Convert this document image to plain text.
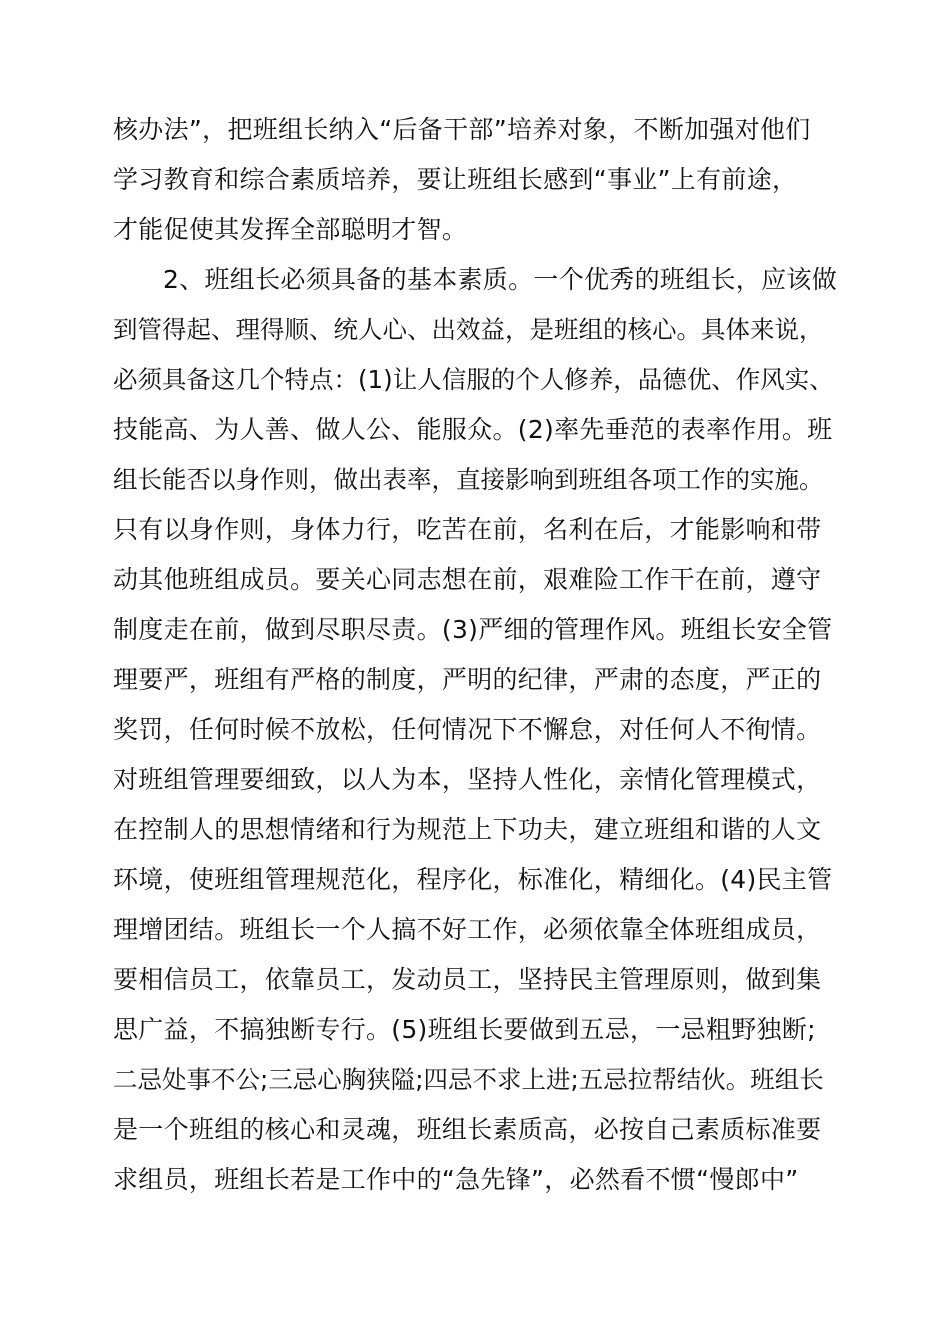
核办法”，把班组长纳入“后备干部”培养对象，不断加强对他们
学习教育和综合素质培养，要让班组长感到“事业”上有前途，
才能促使其发挥全部聪明才智。
2、班组长必须具备的基本素质。一个优秀的班组长，应该做
到管得起、理得顺、统人心、出效益，是班组的核心。具体来说，
必须具备这几个特点：(1)让人信服的个人修养，品德优、作风实、
技能高、为人善、做人公、能服众。(2)率先垂范的表率作用。班
组长能否以身作则，做出表率，直接影响到班组各项工作的实施。
只有以身作则，身体力行，吃苦在前，名利在后，才能影响和带
动其他班组成员。要关心同志想在前，艰难险工作干在前，遵守
制度走在前，做到尽职尽责。(3)严细的管理作风。班组长安全管
理要严，班组有严格的制度，严明的纪律，严肃的态度，严正的
奖罚，任何时候不放松，任何情况下不懈怠，对任何人不徇情。
对班组管理要细致，以人为本，坚持人性化，亲情化管理模式，
在控制人的思想情绪和行为规范上下功夫，建立班组和谐的人文
环境，使班组管理规范化，程序化，标准化，精细化。(4)民主管
理增团结。班组长一个人搞不好工作，必须依靠全体班组成员，
要相信员工，依靠员工，发动员工，坚持民主管理原则，做到集
思广益，不搞独断专行。(5)班组长要做到五忌，一忌粗野独断;
二忌处事不公;三忌心胸狭隘;四忌不求上进;五忌拉帮结伙。班组长
是一个班组的核心和灵魂，班组长素质高，必按自己素质标准要
求组员，班组长若是工作中的“急先锋”，必然看不惯“慢郎中”
